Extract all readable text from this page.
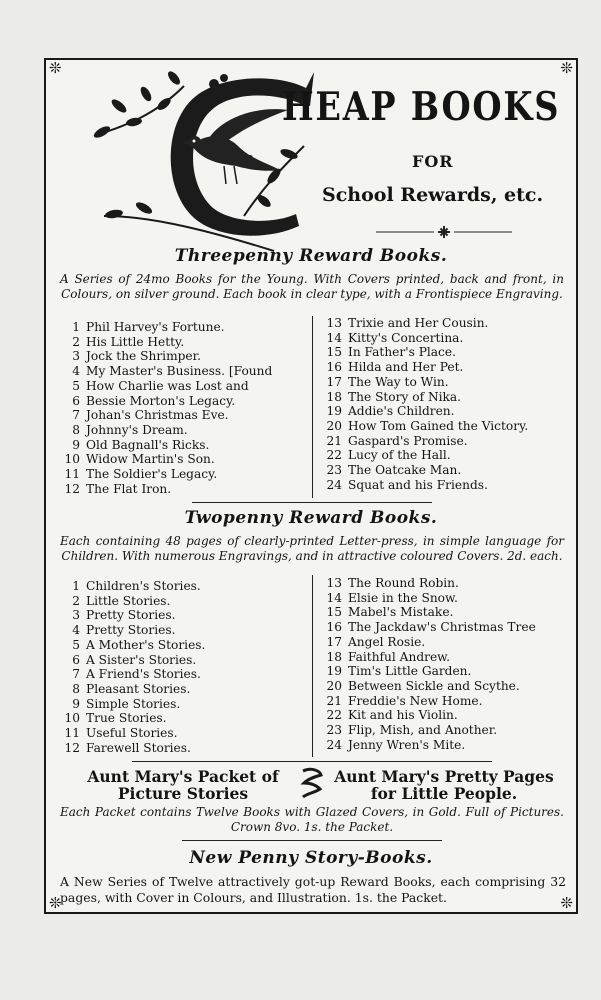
❊	❊
❊	❊
HEAP BOOKS
FOR
School Rewards, etc.
Threepenny Reward Books.
A Series of 24mo Books for the Young. With Covers printed, back and front, in Colours, on silver ground. Each book in clear type, with a Frontispiece Engraving.
1 Phil Harvey's Fortune.
2 His Little Hetty.
3 Jock the Shrimper.
4 My Master's Business. [Found
5 How Charlie was Lost and
6 Bessie Morton's Legacy.
7 Johan's Christmas Eve.
8 Johnny's Dream.
9 Old Bagnall's Ricks.
10 Widow Martin's Son.
11 The Soldier's Legacy.
12 The Flat Iron.
13 Trixie and Her Cousin.
14 Kitty's Concertina.
15 In Father's Place.
16 Hilda and Her Pet.
17 The Way to Win.
18 The Story of Nika.
19 Addie's Children.
20 How Tom Gained the Victory.
21 Gaspard's Promise.
22 Lucy of the Hall.
23 The Oatcake Man.
24 Squat and his Friends.
Twopenny Reward Books.
Each containing 48 pages of clearly-printed Letter-press, in simple language for Children. With numerous Engravings, and in attractive coloured Covers. 2d. each.
1 Children's Stories.
2 Little Stories.
3 Pretty Stories.
4 Pretty Stories.
5 A Mother's Stories.
6 A Sister's Stories.
7 A Friend's Stories.
8 Pleasant Stories.
9 Simple Stories.
10 True Stories.
11 Useful Stories.
12 Farewell Stories.
13 The Round Robin.
14 Elsie in the Snow.
15 Mabel's Mistake.
16 The Jackdaw's Christmas Tree
17 Angel Rosie.
18 Faithful Andrew.
19 Tim's Little Garden.
20 Between Sickle and Scythe.
21 Freddie's New Home.
22 Kit and his Violin.
23 Flip, Mish, and Another.
24 Jenny Wren's Mite.
Aunt Mary's Packet of
Picture Stories
Aunt Mary's Pretty Pages
for Little People.
Each Packet contains Twelve Books with Glazed Covers, in Gold. Full of Pictures. Crown 8vo. 1s. the Packet.
New Penny Story-Books.
A New Series of Twelve attractively got-up Reward Books, each comprising 32 pages, with Cover in Colours, and Illustration. 1s. the Packet.
